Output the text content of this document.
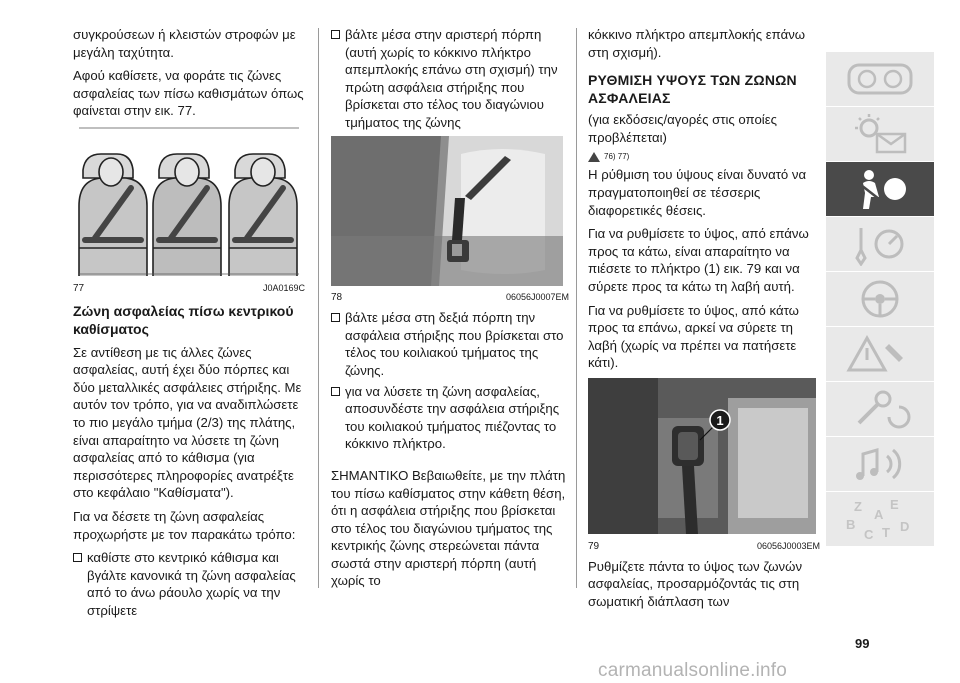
συγκρούσεων ή κλειστών στροφών με μεγάλη ταχύτητα.

Αφού καθίσετε, να φοράτε τις ζώνες ασφαλείας των πίσω καθισμάτων όπως φαίνεται στην εικ. 77.

77	J0A0169C
Ζώνη ασφαλείας πίσω κεντρικού καθίσματος

Σε αντίθεση με τις άλλες ζώνες ασφαλείας, αυτή έχει δύο πόρπες και δύο μεταλλικές ασφάλειες στήριξης. Με αυτόν τον τρόπο, για να αναδιπλώσετε το πιο μεγάλο τμήμα (2/3) της πλάτης, είναι απαραίτητο να λύσετε τη ζώνη ασφαλείας από το κάθισμα (για περισσότερες πληροφορίες ανατρέξτε στο κεφάλαιο "Καθίσματα").

Για να δέσετε τη ζώνη ασφαλείας προχωρήστε με τον παρακάτω τρόπο:

καθίστε στο κεντρικό κάθισμα και βγάλτε κανονικά τη ζώνη ασφαλείας από το άνω ράουλο χωρίς να την στρίψετε
βάλτε μέσα στην αριστερή πόρπη (αυτή χωρίς το κόκκινο πλήκτρο απεμπλοκής επάνω στη σχισμή) την πρώτη ασφάλεια στήριξης που βρίσκεται στο τέλος του διαγώνιου τμήματος της ζώνης
78	06056J0007EM
βάλτε μέσα στη δεξιά πόρπη την ασφάλεια στήριξης που βρίσκεται στο τέλος του κοιλιακού τμήματος της ζώνης.
για να λύσετε τη ζώνη ασφαλείας, αποσυνδέστε την ασφάλεια στήριξης του κοιλιακού τμήματος πιέζοντας το κόκκινο πλήκτρο.

ΣΗΜΑΝΤΙΚΟ Βεβαιωθείτε, με την πλάτη του πίσω καθίσματος στην κάθετη θέση, ότι η ασφάλεια στήριξης που βρίσκεται στο τέλος του διαγώνιου τμήματος της κεντρικής ζώνης στερεώνεται πάντα σωστά στην αριστερή πόρπη (αυτή χωρίς το

κόκκινο πλήκτρο απεμπλοκής επάνω στη σχισμή).

ΡΥΘΜΙΣΗ ΥΨΟΥΣ ΤΩΝ ΖΩΝΩΝ ΑΣΦΑΛΕΙΑΣ

(για εκδόσεις/αγορές στις οποίες προβλέπεται)

76) 77)

Η ρύθμιση του ύψους είναι δυνατό να πραγματοποιηθεί σε τέσσερις διαφορετικές θέσεις.

Για να ρυθμίσετε το ύψος, από επάνω προς τα κάτω, είναι απαραίτητο να πιέσετε το πλήκτρο (1) εικ. 79 και να σύρετε προς τα κάτω τη λαβή αυτή.

Για να ρυθμίσετε το ύψος, από κάτω προς τα επάνω, αρκεί να σύρετε τη λαβή (χωρίς να πρέπει να πατήσετε κάτι).

1
79	06056J0003EM

Ρυθμίζετε πάντα το ύψος των ζωνών ασφαλείας, προσαρμόζοντάς τις στη σωματική διάπλαση των

Z E
A
B
C T D
99
carmanualsonline.info
